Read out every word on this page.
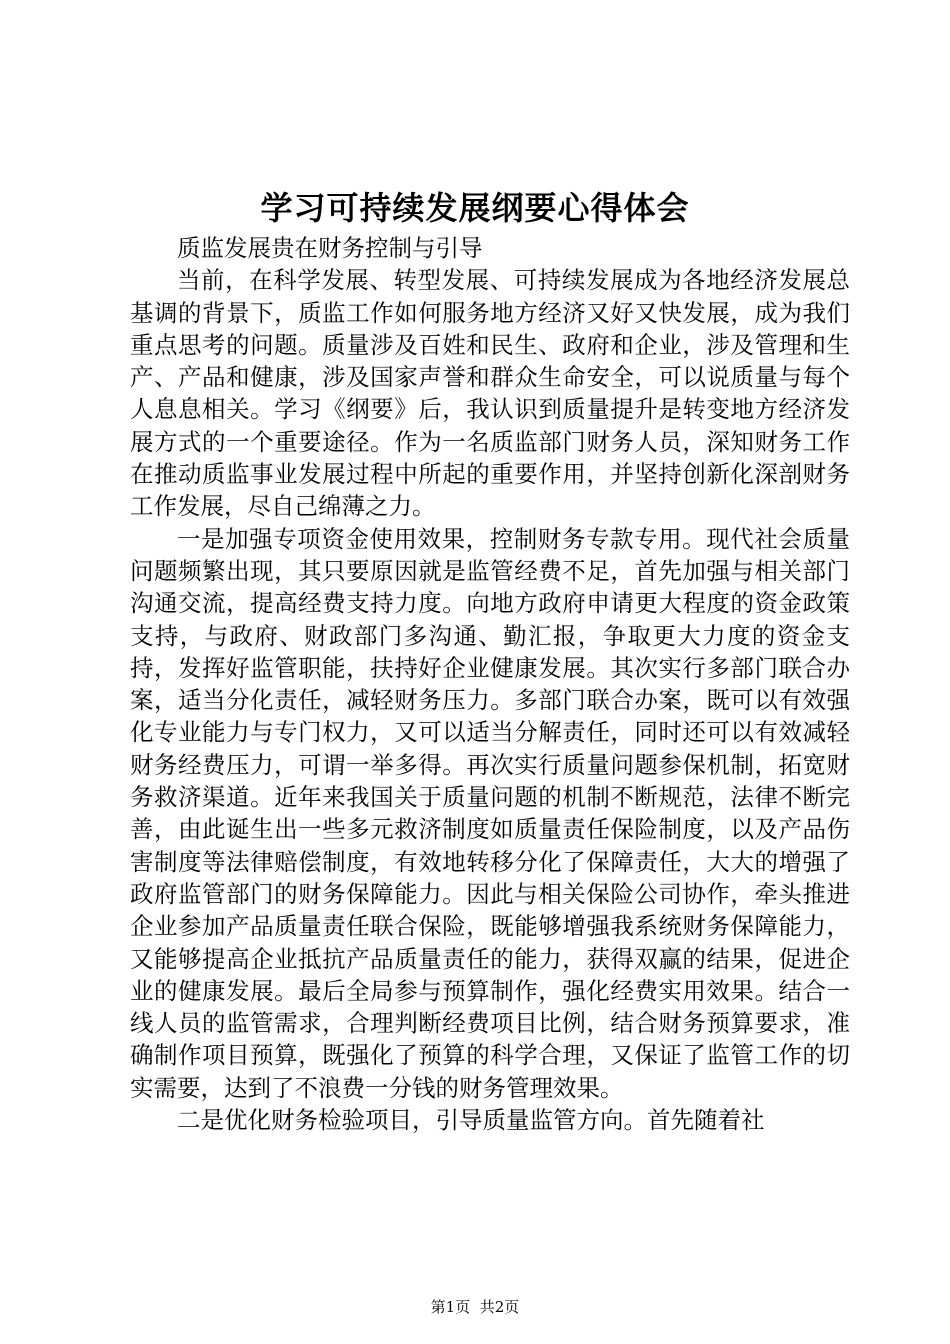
学习可持续发展纲要心得体会

质监发展贵在财务控制与引导

当前，在科学发展、转型发展、可持续发展成为各地经济发展总基调的背景下，质监工作如何服务地方经济又好又快发展，成为我们重点思考的问题。质量涉及百姓和民生、政府和企业，涉及管理和生产、产品和健康，涉及国家声誉和群众生命安全，可以说质量与每个人息息相关。学习《纲要》后，我认识到质量提升是转变地方经济发展方式的一个重要途径。作为一名质监部门财务人员，深知财务工作在推动质监事业发展过程中所起的重要作用，并坚持创新化深剖财务工作发展，尽自己绵薄之力。

一是加强专项资金使用效果，控制财务专款专用。现代社会质量问题频繁出现，其只要原因就是监管经费不足，首先加强与相关部门沟通交流，提高经费支持力度。向地方政府申请更大程度的资金政策支持，与政府、财政部门多沟通、勤汇报，争取更大力度的资金支持，发挥好监管职能，扶持好企业健康发展。其次实行多部门联合办案，适当分化责任，减轻财务压力。多部门联合办案，既可以有效强化专业能力与专门权力，又可以适当分解责任，同时还可以有效减轻财务经费压力，可谓一举多得。再次实行质量问题参保机制，拓宽财务救济渠道。近年来我国关于质量问题的机制不断规范，法律不断完善，由此诞生出一些多元救济制度如质量责任保险制度，以及产品伤害制度等法律赔偿制度，有效地转移分化了保障责任，大大的增强了政府监管部门的财务保障能力。因此与相关保险公司协作，牵头推进企业参加产品质量责任联合保险，既能够增强我系统财务保障能力，又能够提高企业抵抗产品质量责任的能力，获得双赢的结果，促进企业的健康发展。最后全局参与预算制作，强化经费实用效果。结合一线人员的监管需求，合理判断经费项目比例，结合财务预算要求，准确制作项目预算，既强化了预算的科学合理，又保证了监管工作的切实需要，达到了不浪费一分钱的财务管理效果。

二是优化财务检验项目，引导质量监管方向。首先随着社

第1页 共2页
